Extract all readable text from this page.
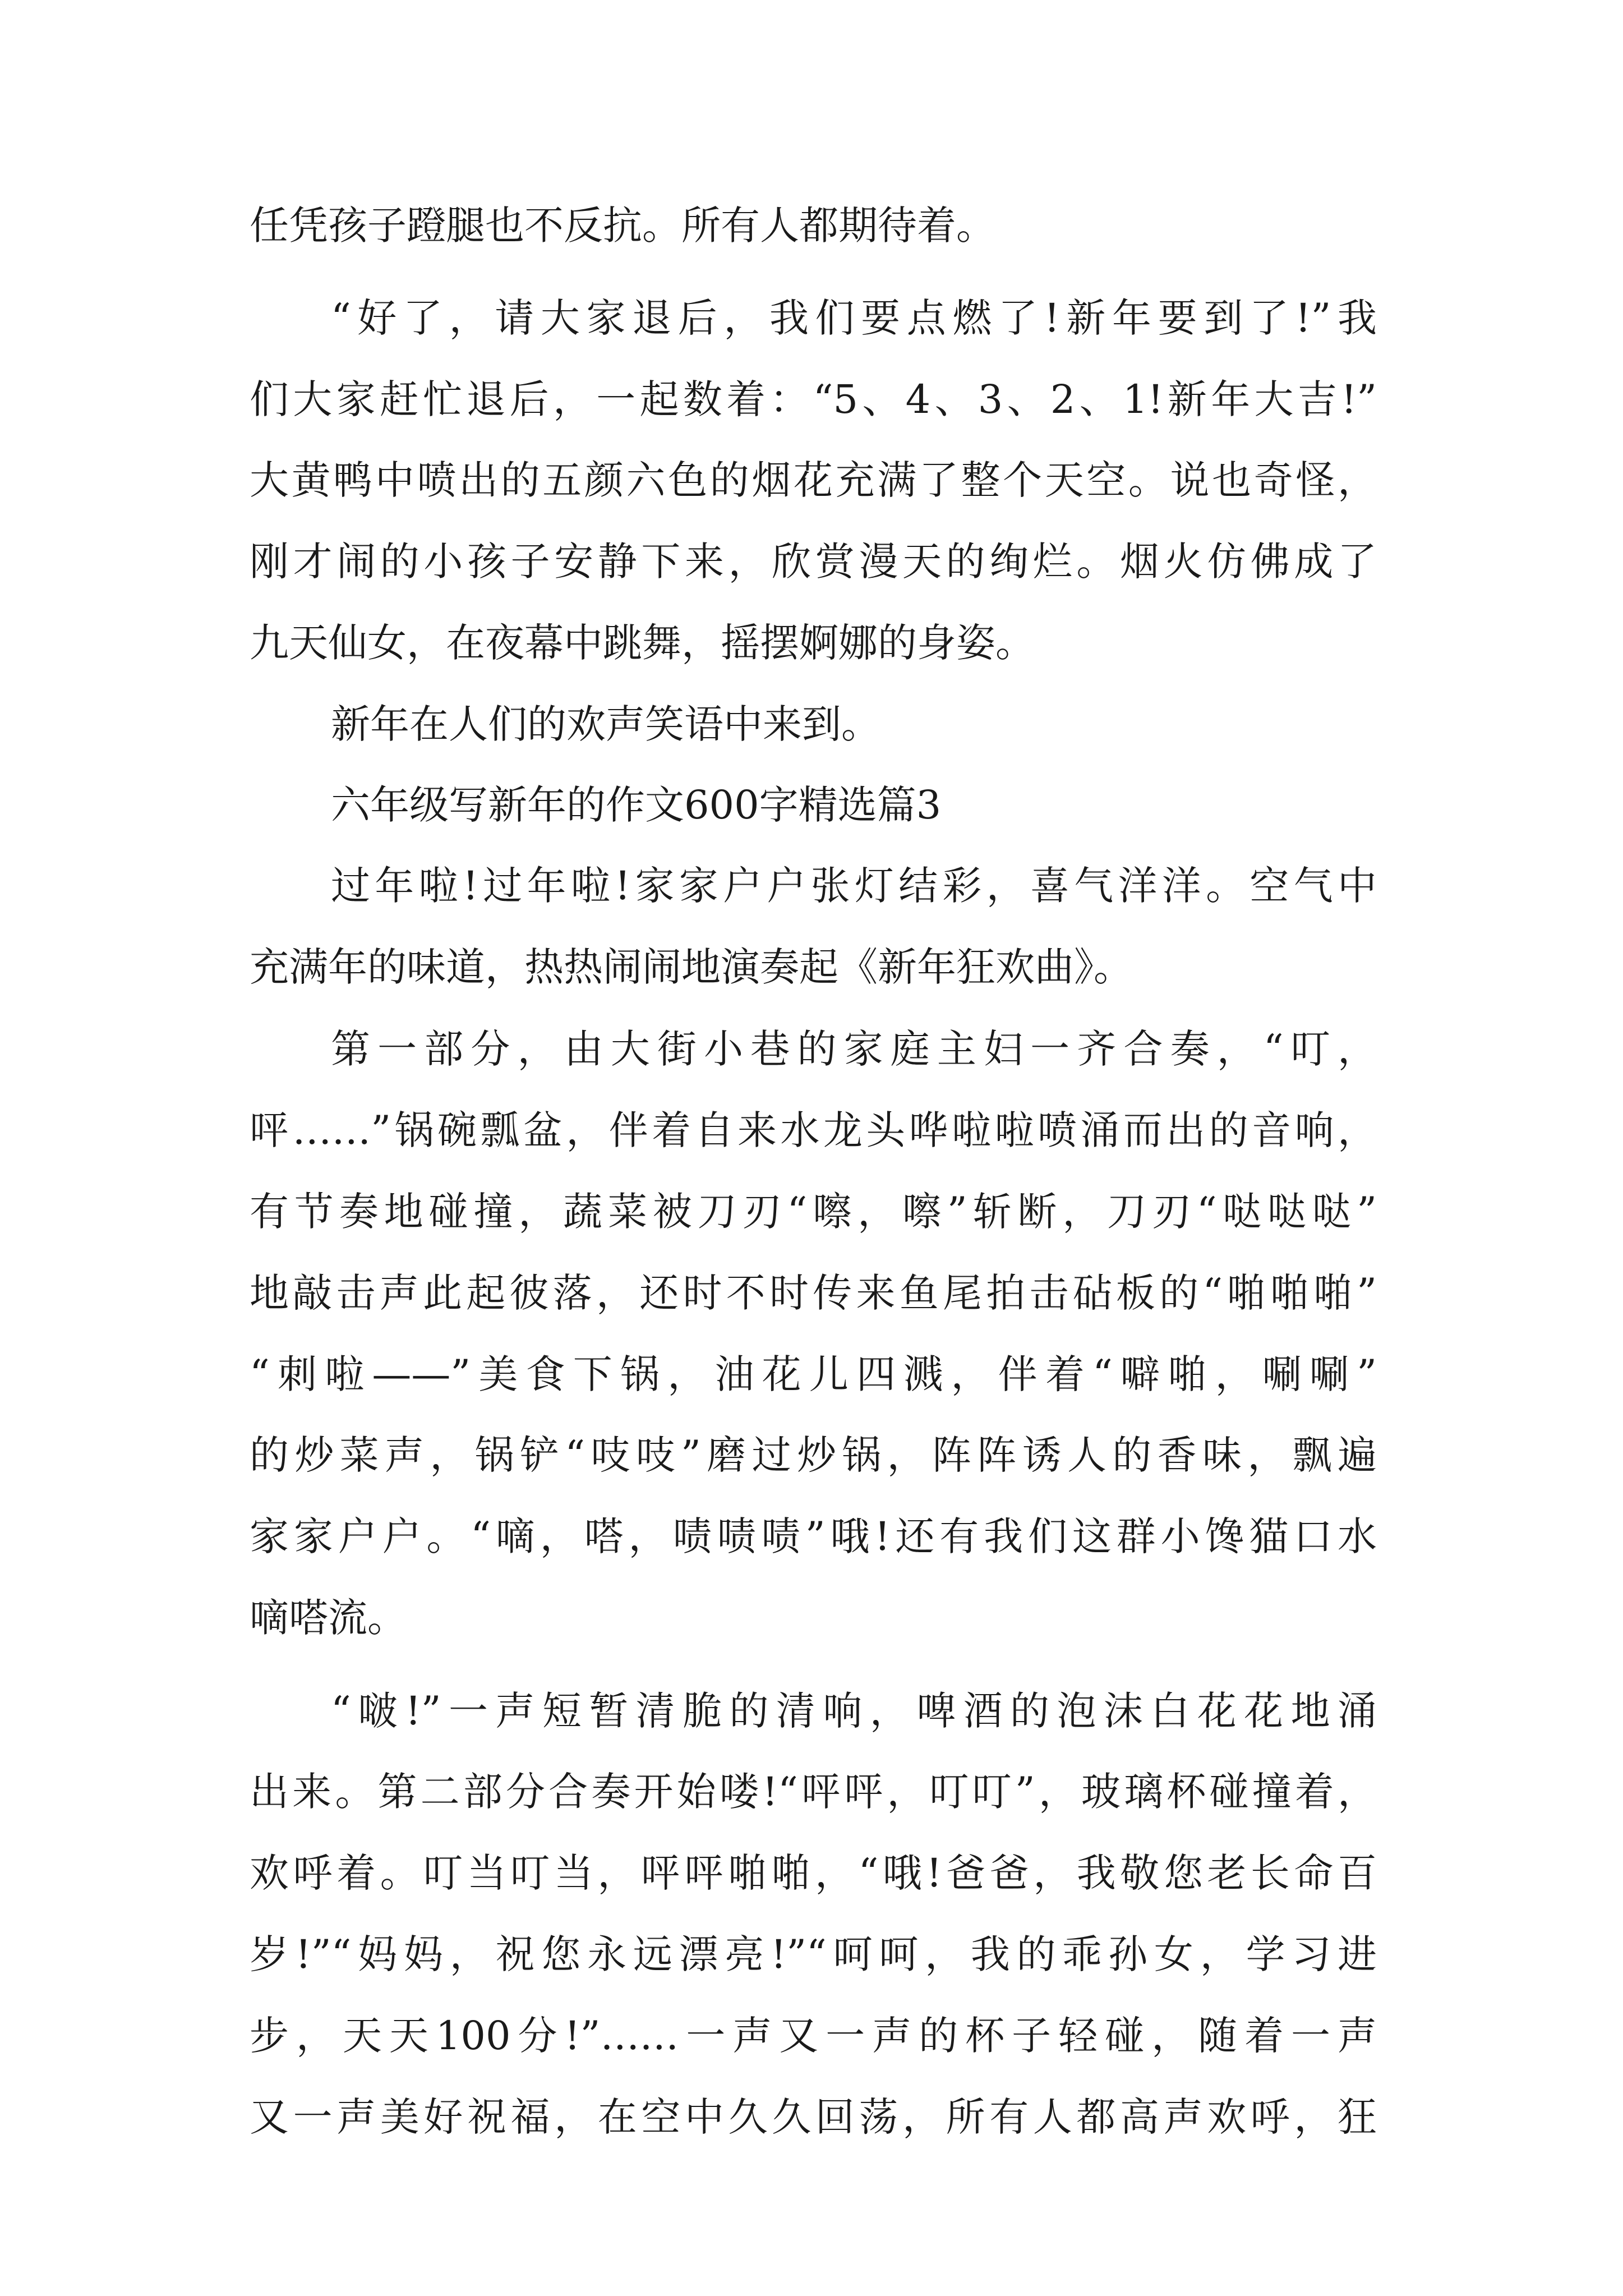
任凭孩子蹬腿也不反抗。所有人都期待着。
“好了，请大家退后，我们要点燃了!新年要到了!”我
们大家赶忙退后，一起数着：“5、4、3、2、1!新年大吉!”
大黄鸭中喷出的五颜六色的烟花充满了整个天空。说也奇怪，
刚才闹的小孩子安静下来，欣赏漫天的绚烂。烟火仿佛成了
九天仙女，在夜幕中跳舞，摇摆婀娜的身姿。
新年在人们的欢声笑语中来到。
六年级写新年的作文600字精选篇3
过年啦!过年啦!家家户户张灯结彩，喜气洋洋。空气中
充满年的味道，热热闹闹地演奏起《新年狂欢曲》。
第一部分，由大街小巷的家庭主妇一齐合奏，“叮，
呯……”锅碗瓢盆，伴着自来水龙头哗啦啦喷涌而出的音响，
有节奏地碰撞，蔬菜被刀刃“嚓，嚓”斩断，刀刃“哒哒哒”
地敲击声此起彼落，还时不时传来鱼尾拍击砧板的“啪啪啪”
“刺啦——”美食下锅，油花儿四溅，伴着“噼啪，唰唰”
的炒菜声，锅铲“吱吱”磨过炒锅，阵阵诱人的香味，飘遍
家家户户。“嘀，嗒，啧啧啧”哦!还有我们这群小馋猫口水
嘀嗒流。
“啵!”一声短暂清脆的清响，啤酒的泡沫白花花地涌
出来。第二部分合奏开始喽!“呯呯，叮叮”，玻璃杯碰撞着，
欢呼着。叮当叮当，呯呯啪啪，“哦!爸爸，我敬您老长命百
岁!”“妈妈，祝您永远漂亮!”“呵呵，我的乖孙女，学习进
步，天天100分!”……一声又一声的杯子轻碰，随着一声
又一声美好祝福，在空中久久回荡，所有人都高声欢呼，狂
